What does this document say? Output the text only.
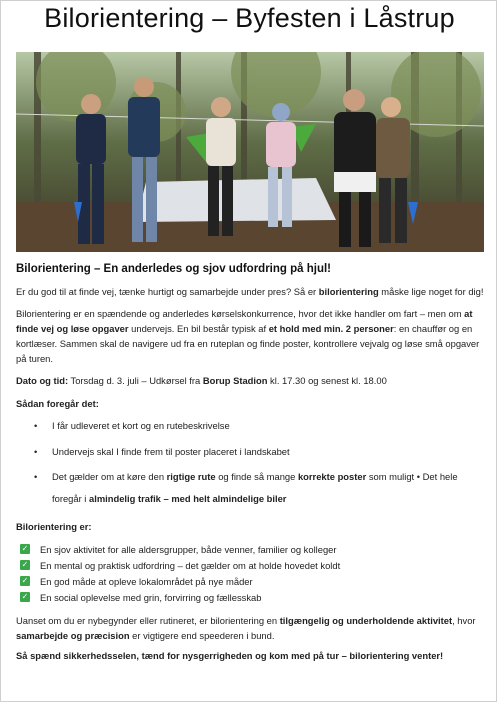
Bilorientering – Byfesten i Låstrup
Bilorientering – En anderledes og sjov udfordring på hjul!

Er du god til at finde vej, tænke hurtigt og samarbejde under pres? Så er bilorientering måske lige noget for dig!

Bilorientering er en spændende og anderledes kørselskonkurrence, hvor det ikke handler om fart – men om at finde vej og løse opgaver undervejs. En bil består typisk af et hold med min. 2 personer: en chauffør og en kortlæser. Sammen skal de navigere ud fra en ruteplan og finde poster, kontrollere vejvalg og løse små opgaver på turen.

Dato og tid: Torsdag d. 3. juli – Udkørsel fra Borup Stadion kl. 17.30 og senest kl. 18.00

Sådan foregår det:
• I får udleveret et kort og en rutebeskrivelse
• Undervejs skal I finde frem til poster placeret i landskabet
• Det gælder om at køre den rigtige rute og finde så mange korrekte poster som muligt • Det hele foregår i almindelig trafik – med helt almindelige biler
Bilorientering er:
✓ En sjov aktivitet for alle aldersgrupper, både venner, familier og kolleger
✓ En mental og praktisk udfordring – det gælder om at holde hovedet koldt
✓ En god måde at opleve lokalområdet på nye måder
✓ En social oplevelse med grin, forvirring og fællesskab

Uanset om du er nybegynder eller rutineret, er bilorientering en tilgængelig og underholdende aktivitet, hvor samarbejde og præcision er vigtigere end speederen i bund.

Så spænd sikkerhedsselen, tænd for nysgerrigheden og kom med på tur – bilorientering venter!
